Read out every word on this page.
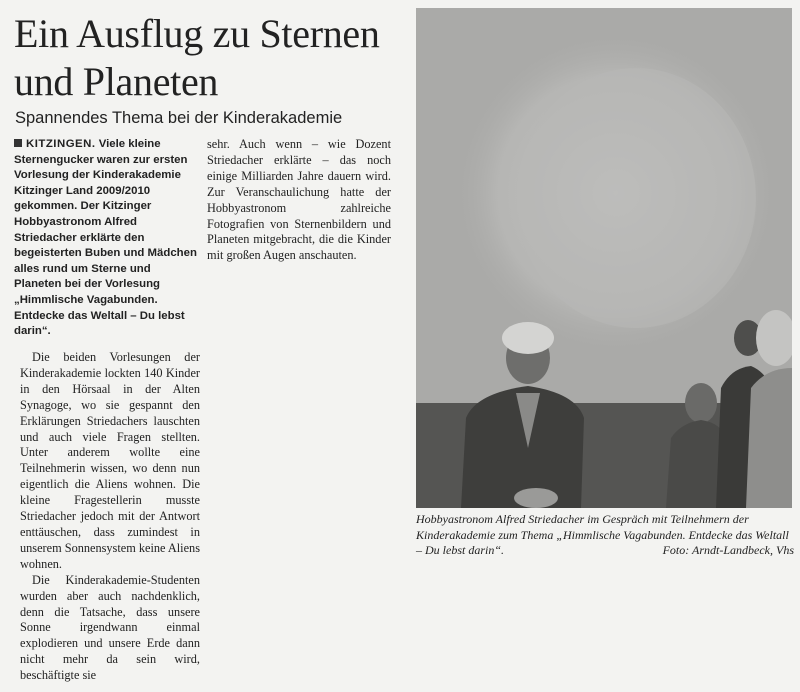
Ein Ausflug zu Sternen und Planeten
Spannendes Thema bei der Kinderakademie
KITZINGEN. Viele kleine Sternengucker waren zur ersten Vorlesung der Kinderakademie Kitzinger Land 2009/2010 gekommen. Der Kitzinger Hobbyastronom Alfred Striedacher erklärte den begeisterten Buben und Mädchen alles rund um Sterne und Planeten bei der Vorlesung „Himmlische Vagabunden. Entdecke das Weltall – Du lebst darin“.

Die beiden Vorlesungen der Kinderakademie lockten 140 Kinder in den Hörsaal in der Alten Synagoge, wo sie gespannt den Erklärungen Striedachers lauschten und auch viele Fragen stellten. Unter anderem wollte eine Teilnehmerin wissen, wo denn nun eigentlich die Aliens wohnen. Die kleine Fragestellerin musste Striedacher jedoch mit der Antwort enttäuschen, dass zumindest in unserem Sonnensystem keine Aliens wohnen.

Die Kinderakademie-Studenten wurden aber auch nachdenklich, denn die Tatsache, dass unsere Sonne irgendwann einmal explodieren und unsere Erde dann nicht mehr da sein wird, beschäftigte sie

sehr. Auch wenn – wie Dozent Striedacher erklärte – das noch einige Milliarden Jahre dauern wird. Zur Veranschaulichung hatte der Hobbyastronom zahlreiche Fotografien von Sternenbildern und Planeten mitgebracht, die die Kinder mit großen Augen anschauten.
Hobbyastronom Alfred Striedacher im Gespräch mit Teilnehmern der Kinderakademie zum Thema „Himmlische Vagabunden. Entdecke das Weltall – Du lebst darin“.	Foto: Arndt-Landbeck, Vhs
